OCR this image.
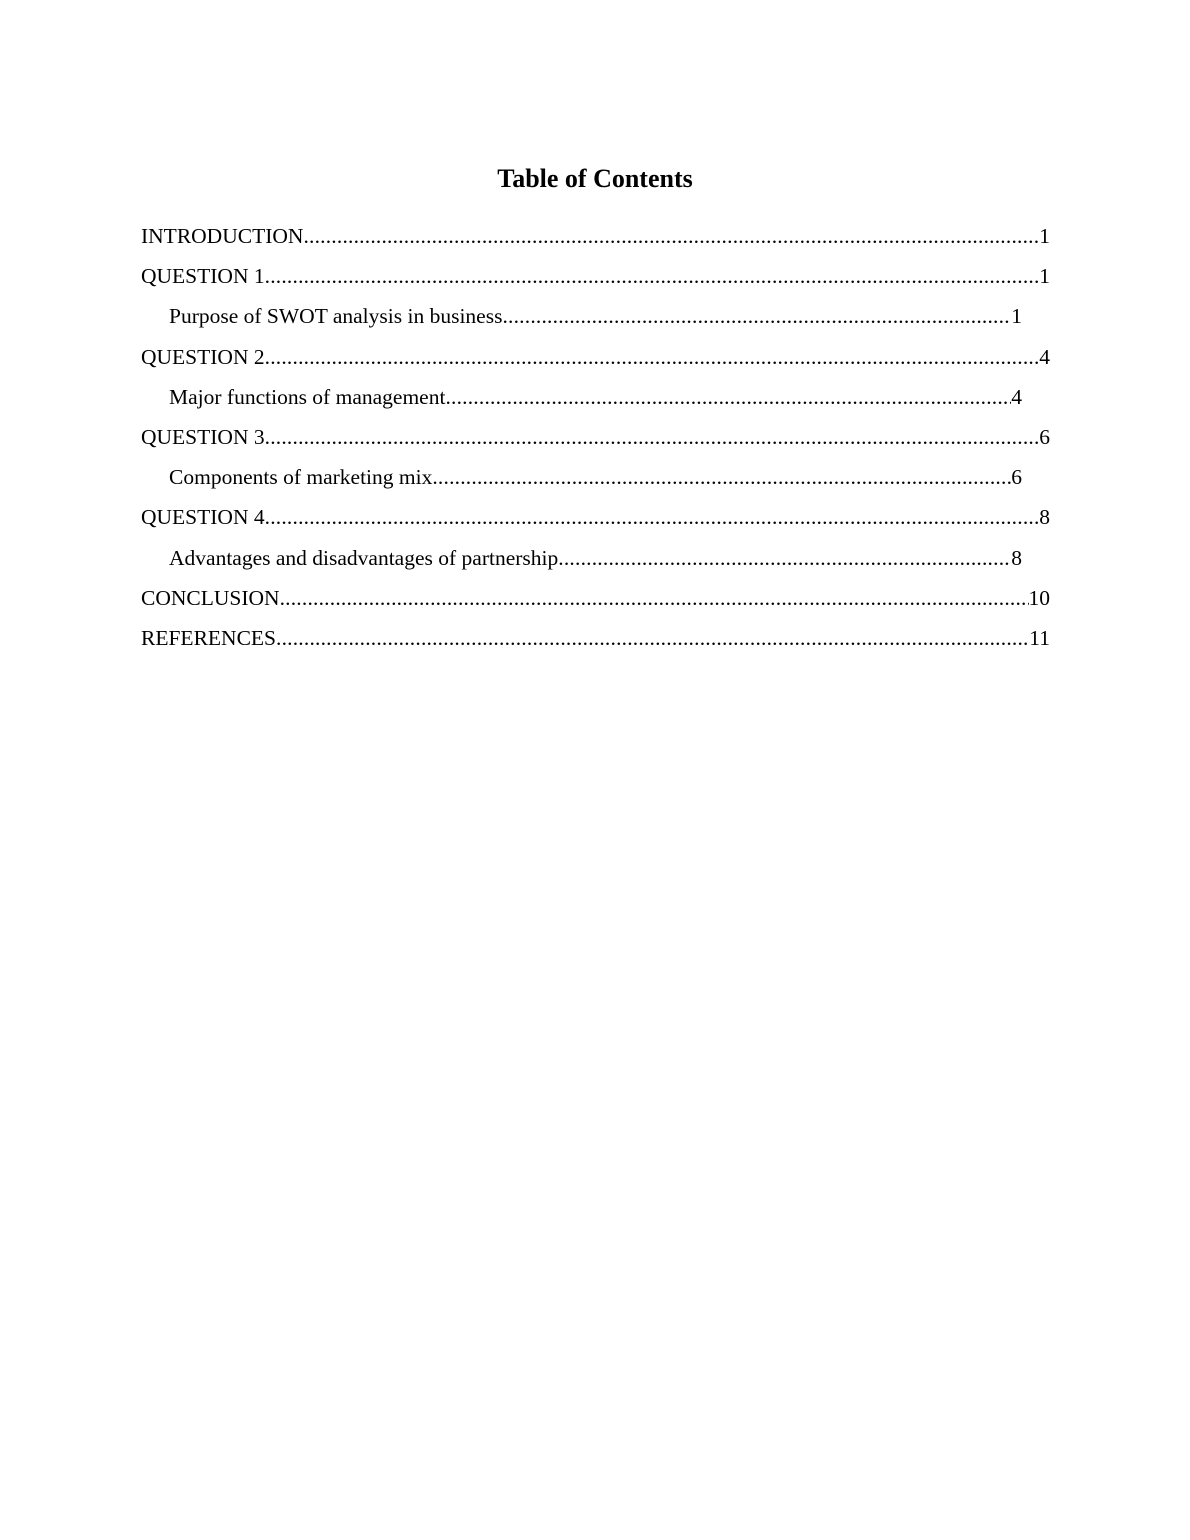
Table of Contents
INTRODUCTION .....	1
QUESTION 1 .....	1
Purpose of SWOT analysis in business .....	1
QUESTION 2 .....	4
Major functions of management .....	4
QUESTION 3 .....	6
Components of marketing mix .....	6
QUESTION 4 .....	8
Advantages and disadvantages of partnership .....	8
CONCLUSION .....	10
REFERENCES .....	11
